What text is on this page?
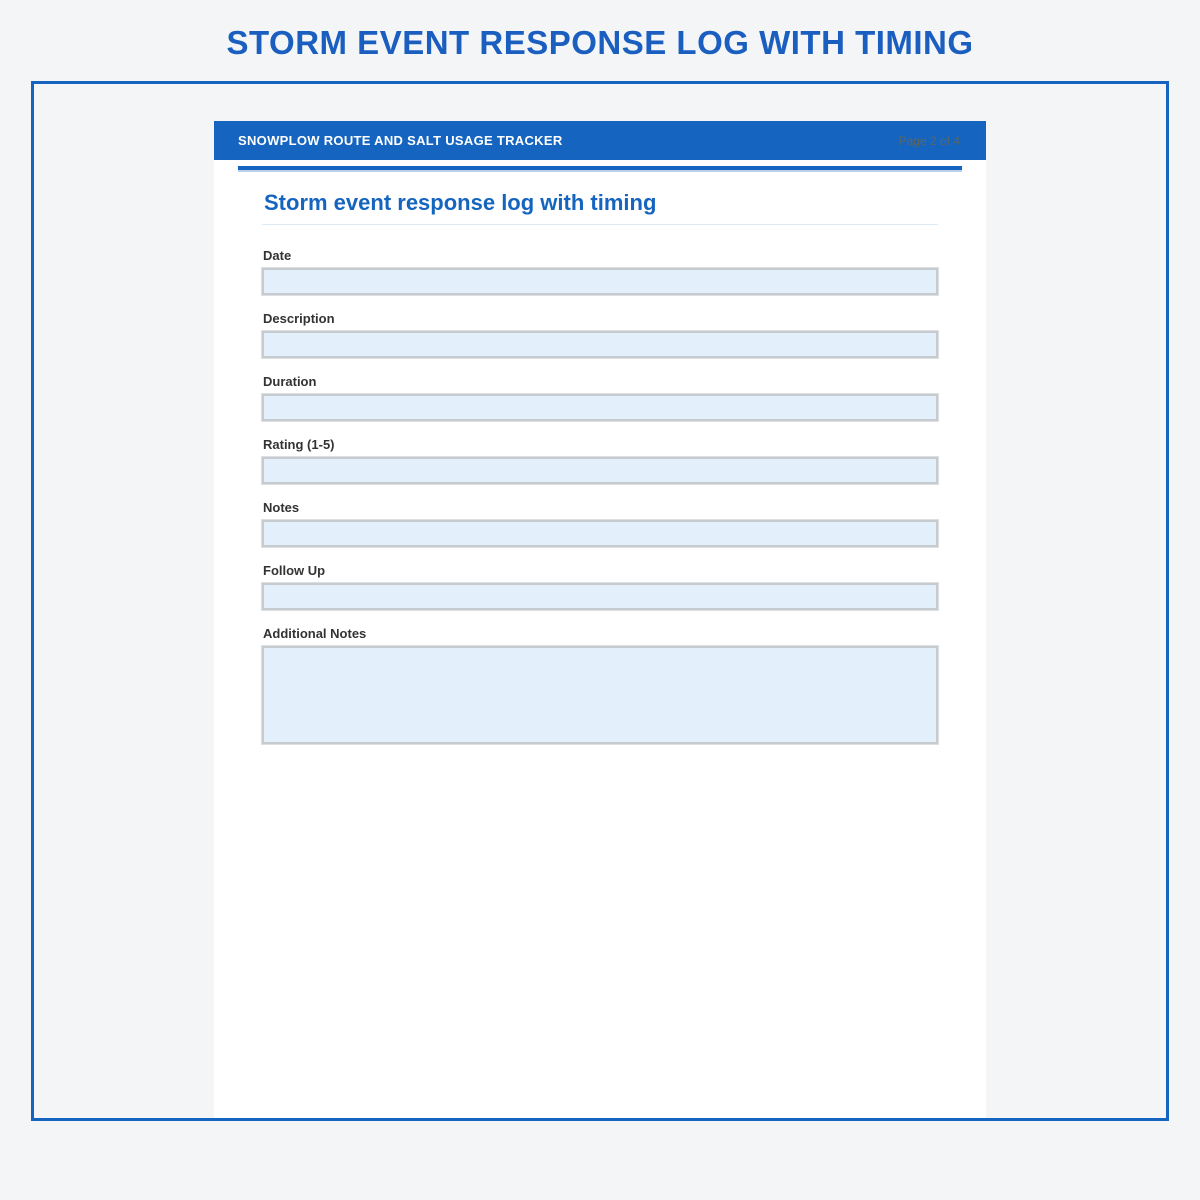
STORM EVENT RESPONSE LOG WITH TIMING
SNOWPLOW ROUTE AND SALT USAGE TRACKER	Page 2 of 4
Storm event response log with timing
Date
Description
Duration
Rating (1-5)
Notes
Follow Up
Additional Notes
